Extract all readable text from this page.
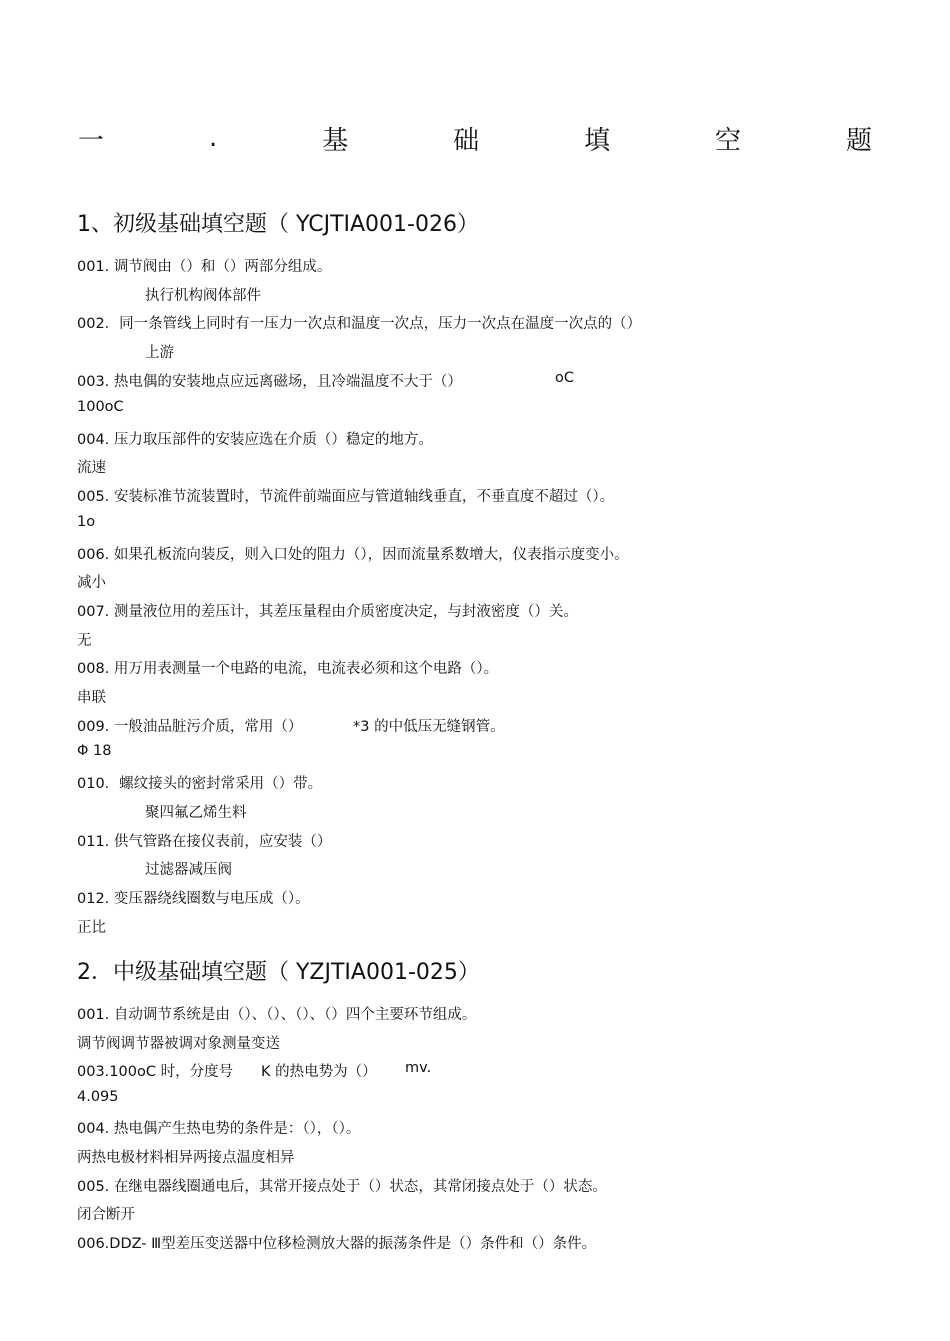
一	.	基	础	填	空	题
1、初级基础填空题（ YCJTIA001-026）
001. 调节阀由（）和（）两部分组成。
执行机构阀体部件
002．同一条管线上同时有一压力一次点和温度一次点，压力一次点在温度一次点的（）
上游
003. 热电偶的安装地点应远离磁场，且冷端温度不大于（）	oC
100oC
004. 压力取压部件的安装应选在介质（）稳定的地方。
流速
005. 安装标准节流装置时，节流件前端面应与管道轴线垂直，不垂直度不超过（）。
1o
006. 如果孔板流向装反，则入口处的阻力（），因而流量系数增大，仪表指示度变小。
减小
007. 测量液位用的差压计，其差压量程由介质密度决定，与封液密度（）关。
无
008. 用万用表测量一个电路的电流，电流表必须和这个电路（）。
串联
009. 一般油品脏污介质，常用（）	*3 的中低压无缝钢管。
Φ 18
010．螺纹接头的密封常采用（）带。
聚四氟乙烯生料
011. 供气管路在接仪表前，应安装（）
过滤器减压阀
012. 变压器绕线圈数与电压成（）。
正比
2．中级基础填空题（ YZJTIA001-025）
001. 自动调节系统是由（）、（）、（）、（）四个主要环节组成。
调节阀调节器被调对象测量变送
003.100oC 时，分度号 K 的热电势为（） mv.
4.095
004. 热电偶产生热电势的条件是：（），（）。
两热电极材料相异两接点温度相异
005. 在继电器线圈通电后，其常开接点处于（）状态，其常闭接点处于（）状态。
闭合断开
006.DDZ- Ⅲ型差压变送器中位移检测放大器的振荡条件是（）条件和（）条件。
